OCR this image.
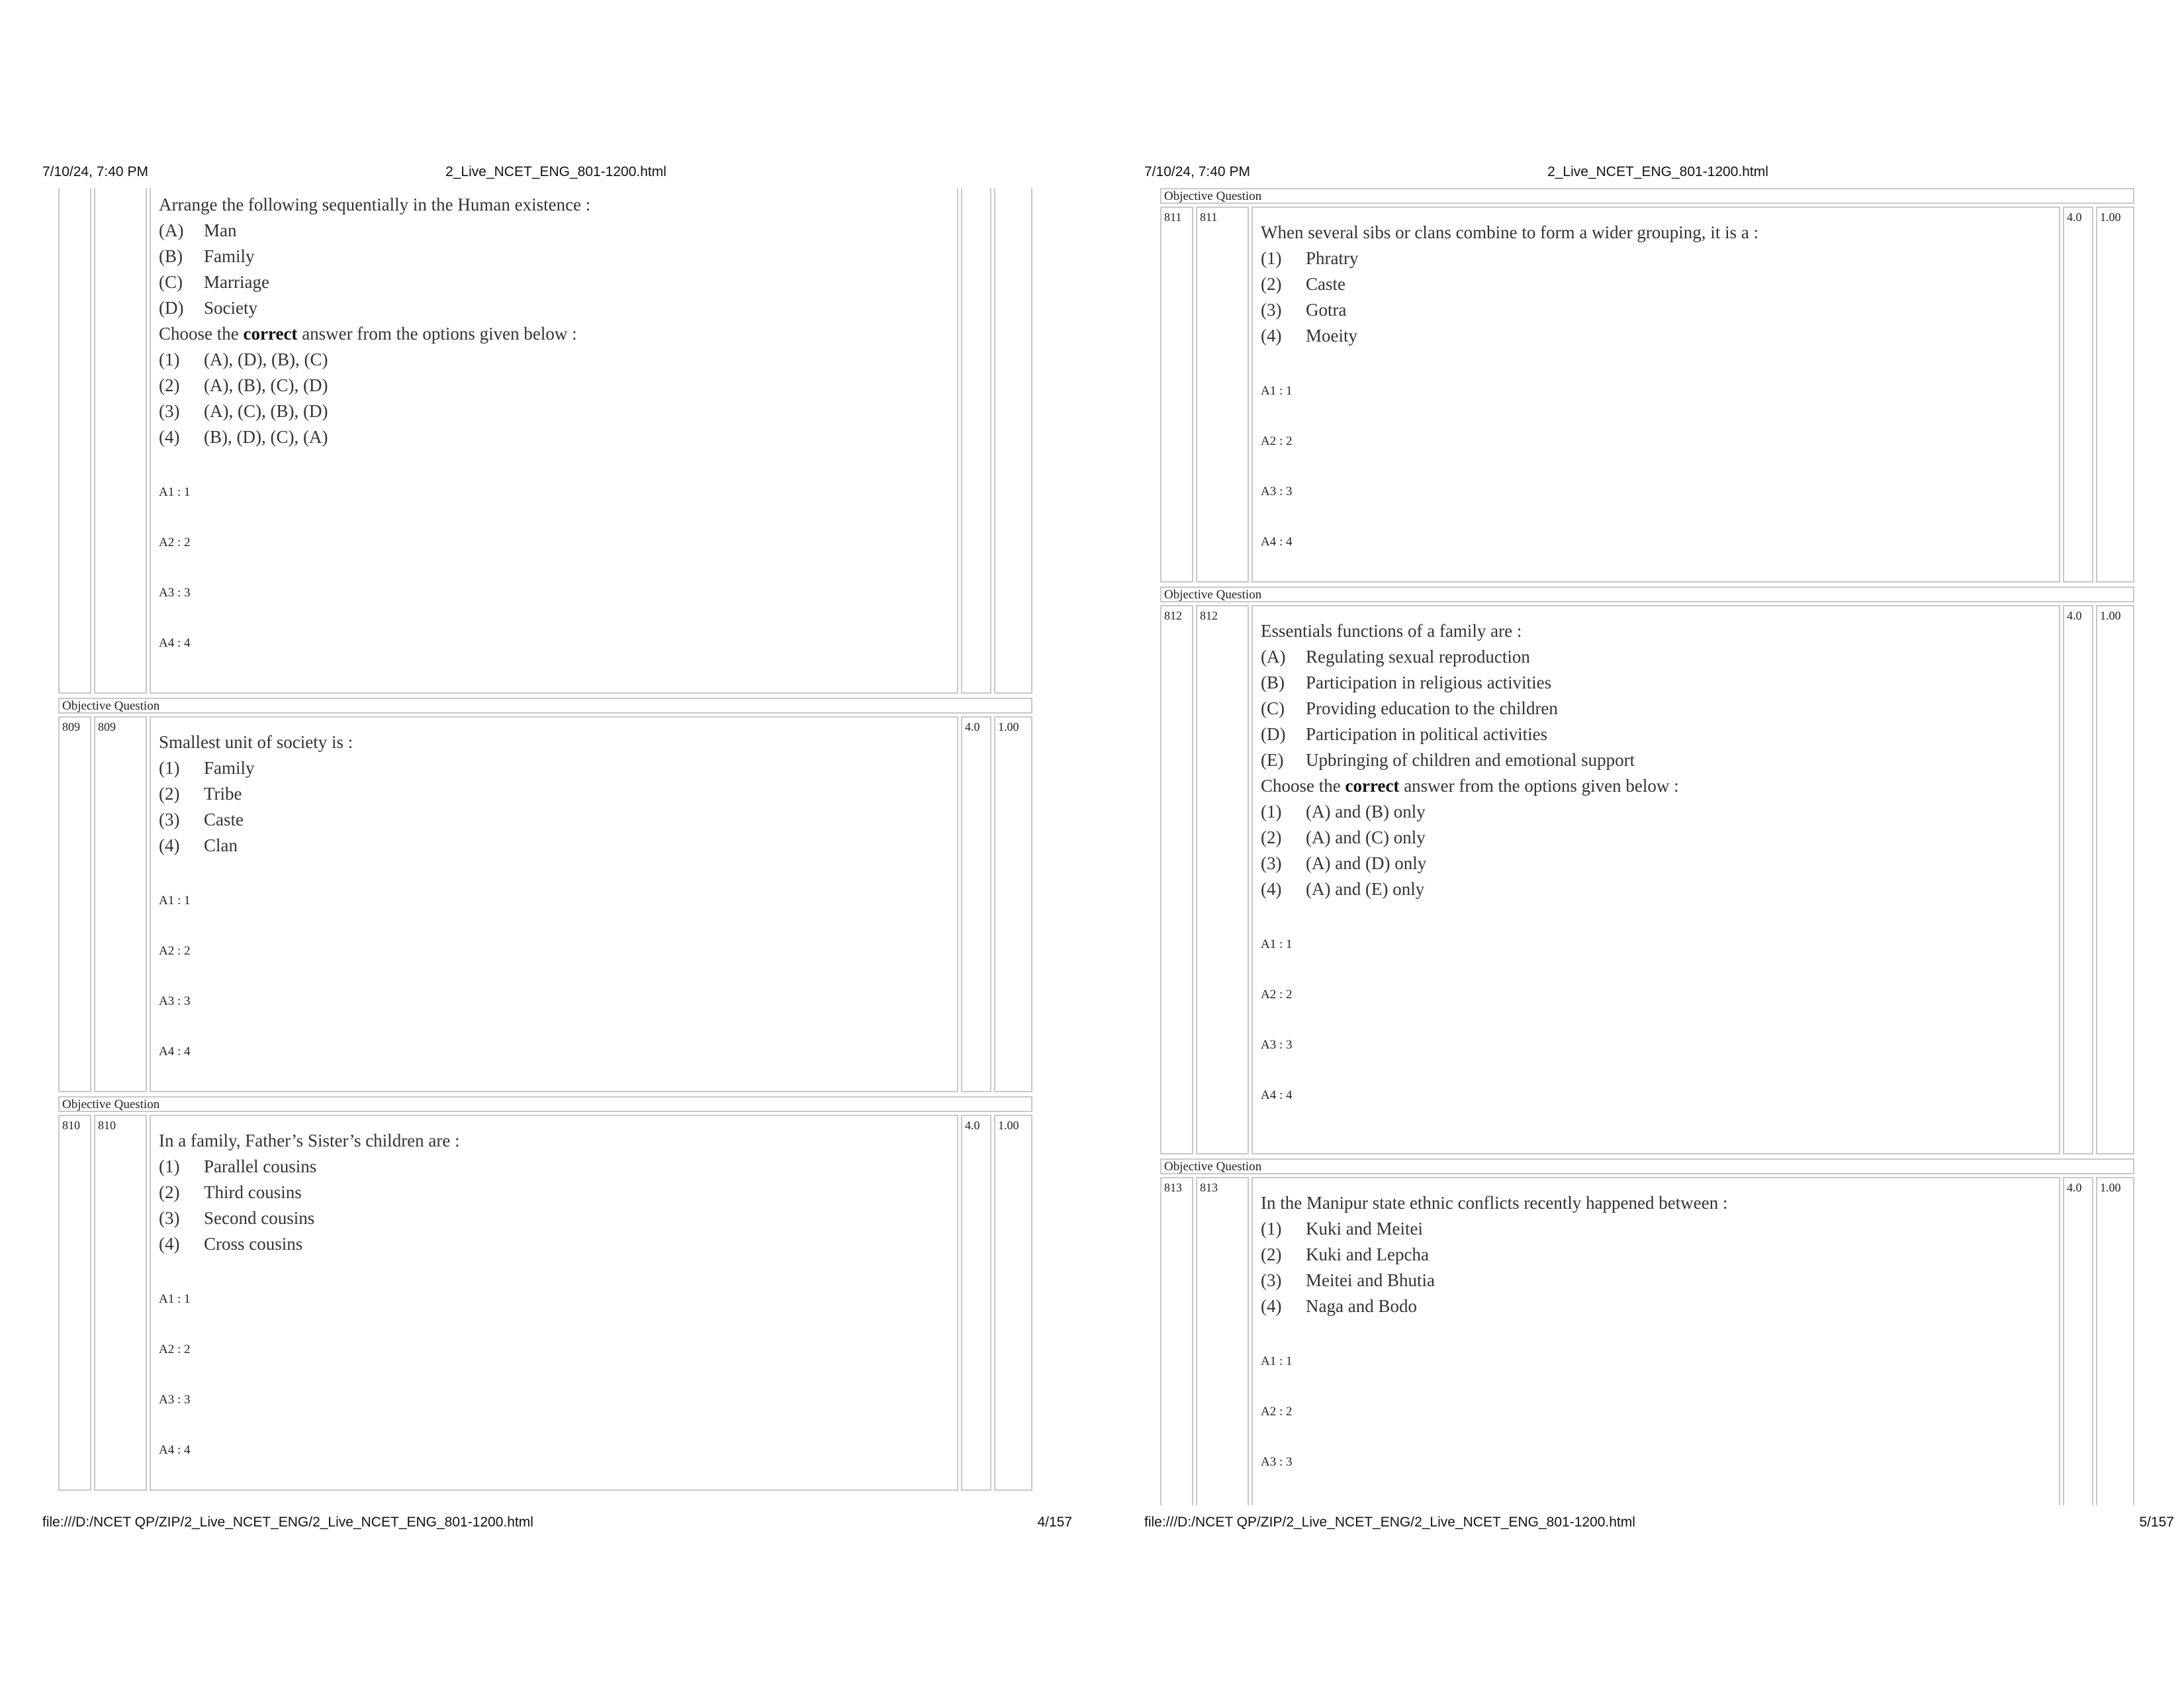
7/10/24, 7:40 PM	2_Live_NCET_ENG_801-1200.html
Arrange the following sequentially in the Human existence :
(A)	Man
(B)	Family
(C)	Marriage
(D)	Society
Choose the correct answer from the options given below :
(1)	(A), (D), (B), (C)
(2)	(A), (B), (C), (D)
(3)	(A), (C), (B), (D)
(4)	(B), (D), (C), (A)
A1 : 1
A2 : 2
A3 : 3
A4 : 4
Objective Question
809	809
Smallest unit of society is :
(1)	Family
(2)	Tribe
(3)	Caste
(4)	Clan
A1 : 1
A2 : 2
A3 : 3
A4 : 4
4.0	1.00
Objective Question
810	810
In a family, Father’s Sister’s children are :
(1)	Parallel cousins
(2)	Third cousins
(3)	Second cousins
(4)	Cross cousins
A1 : 1
A2 : 2
A3 : 3
A4 : 4
4.0	1.00
file:///D:/NCET QP/ZIP/2_Live_NCET_ENG/2_Live_NCET_ENG_801-1200.html	4/157
7/10/24, 7:40 PM	2_Live_NCET_ENG_801-1200.html
Objective Question
811	811
When several sibs or clans combine to form a wider grouping, it is a :
(1)	Phratry
(2)	Caste
(3)	Gotra
(4)	Moeity
A1 : 1
A2 : 2
A3 : 3
A4 : 4
4.0	1.00
Objective Question
812	812
Essentials functions of a family are :
(A)	Regulating sexual reproduction
(B)	Participation in religious activities
(C)	Providing education to the children
(D)	Participation in political activities
(E)	Upbringing of children and emotional support
Choose the correct answer from the options given below :
(1)	(A) and (B) only
(2)	(A) and (C) only
(3)	(A) and (D) only
(4)	(A) and (E) only
A1 : 1
A2 : 2
A3 : 3
A4 : 4
4.0	1.00
Objective Question
813	813
In the Manipur state ethnic conflicts recently happened between :
(1)	Kuki and Meitei
(2)	Kuki and Lepcha
(3)	Meitei and Bhutia
(4)	Naga and Bodo
A1 : 1
A2 : 2
A3 : 3
4.0	1.00
file:///D:/NCET QP/ZIP/2_Live_NCET_ENG/2_Live_NCET_ENG_801-1200.html	5/157
